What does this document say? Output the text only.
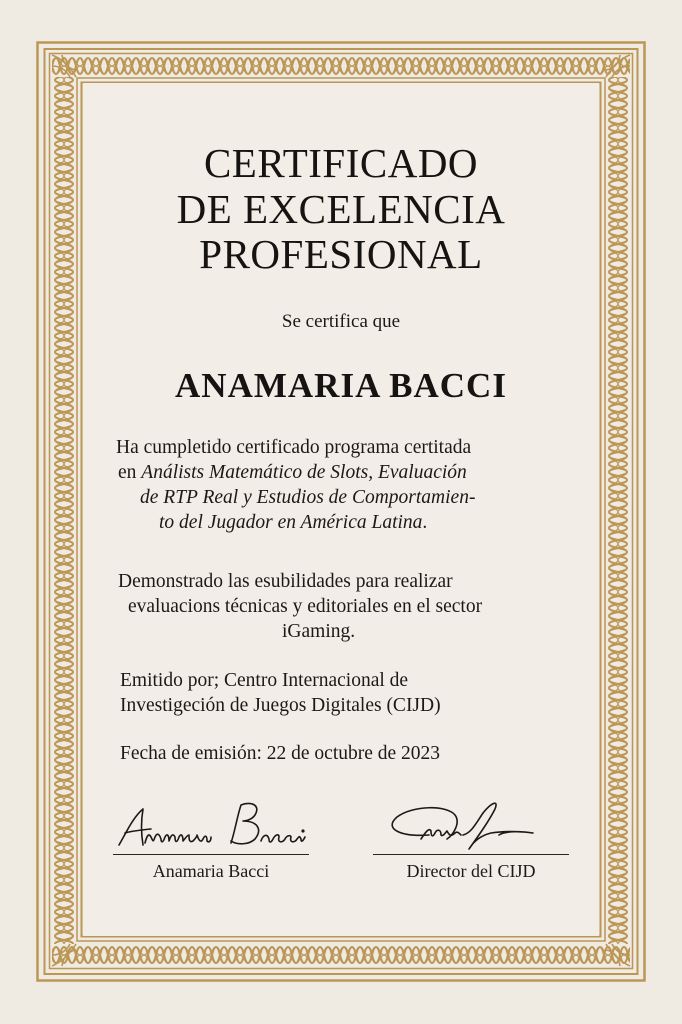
CERTIFICADO
DE EXCELENCIA
PROFESIONAL
Se certifica que
ANAMARIA BACCI
Ha cumpletido certificado programa certitada
en Análists Matemático de Slots, Evaluación
de RTP Real y Estudios de Comportamien-
to del Jugador en América Latina.
Demonstrado las esubilidades para realizar
evaluacions técnicas y editoriales en el sector
iGaming.
Emitido por; Centro Internacional de
Investigeción de Juegos Digitales (CIJD)
Fecha de emisión: 22 de octubre de 2023
Anamaria Bacci	Director del CIJD
